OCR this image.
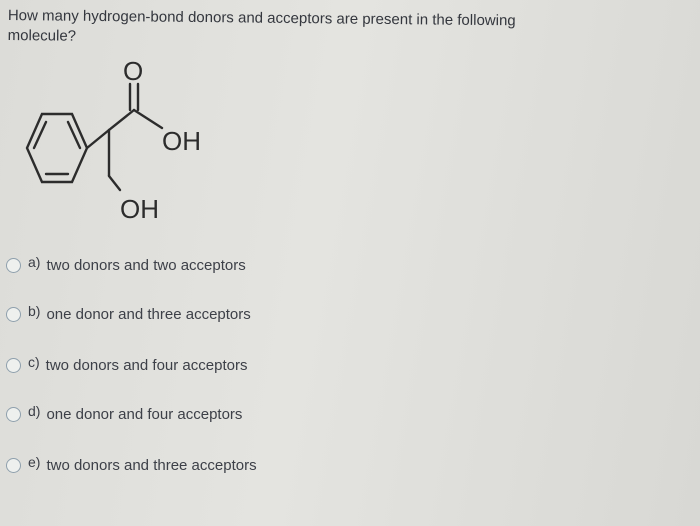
How many hydrogen-bond donors and acceptors are present in the following
molecule?
O
OH
OH
a) two donors and two acceptors
b) one donor and three acceptors
c) two donors and four acceptors
d) one donor and four acceptors
e) two donors and three acceptors
